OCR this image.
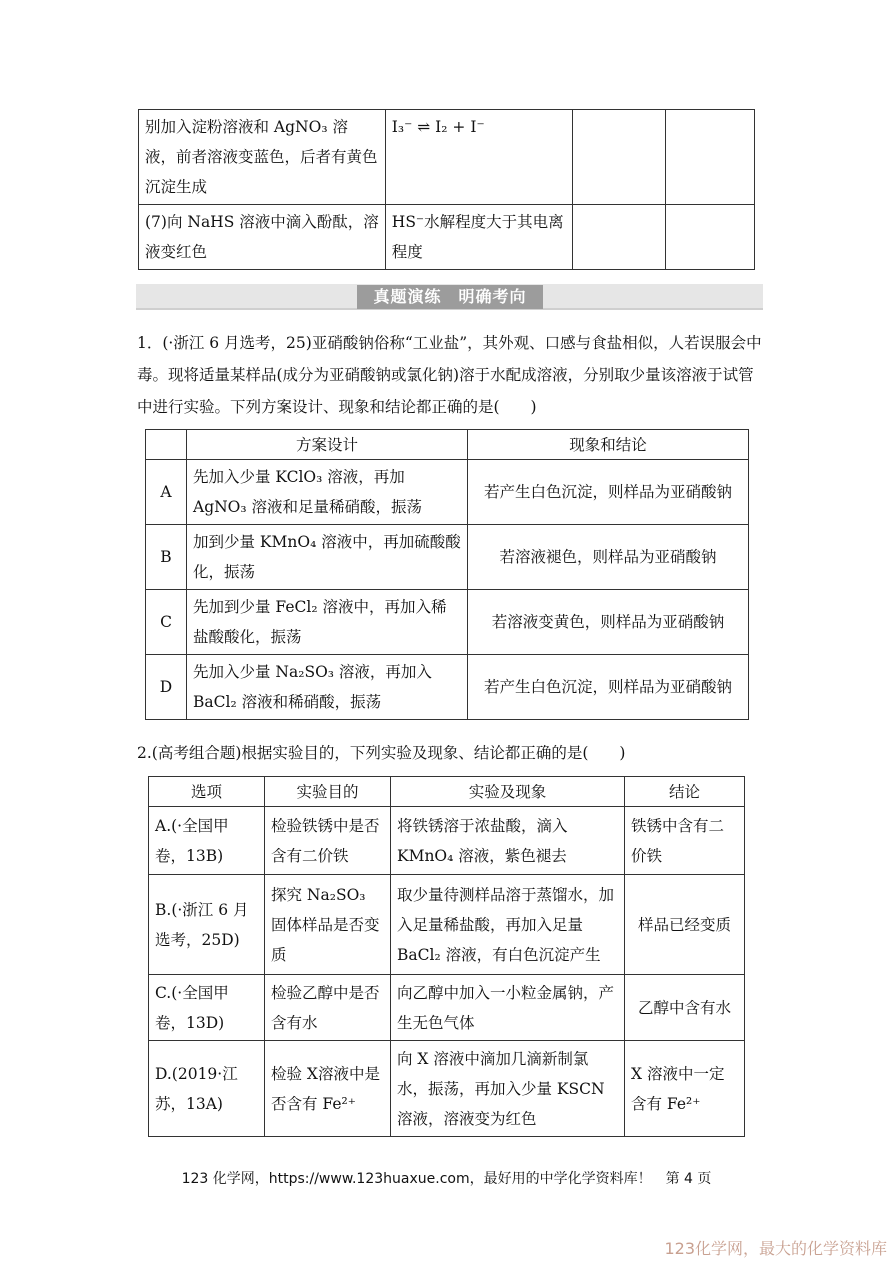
别加入淀粉溶液和 AgNO₃ 溶液，前者溶液变蓝色，后者有黄色沉淀生成	I₃⁻ ⇌ I₂ + I⁻		
(7)向 NaHS 溶液中滴入酚酞，溶液变红色	HS⁻水解程度大于其电离程度		
真题演练　明确考向
1．(·浙江 6 月选考，25)亚硝酸钠俗称“工业盐”，其外观、口感与食盐相似，人若误服会中毒。现将适量某样品(成分为亚硝酸钠或氯化钠)溶于水配成溶液，分别取少量该溶液于试管中进行实验。下列方案设计、现象和结论都正确的是(　　)
	方案设计	现象和结论
A	先加入少量 KClO₃ 溶液，再加 AgNO₃ 溶液和足量稀硝酸，振荡	若产生白色沉淀，则样品为亚硝酸钠
B	加到少量 KMnO₄ 溶液中，再加硫酸酸化，振荡	若溶液褪色，则样品为亚硝酸钠
C	先加到少量 FeCl₂ 溶液中，再加入稀盐酸酸化，振荡	若溶液变黄色，则样品为亚硝酸钠
D	先加入少量 Na₂SO₃ 溶液，再加入 BaCl₂ 溶液和稀硝酸，振荡	若产生白色沉淀，则样品为亚硝酸钠
2.(高考组合题)根据实验目的，下列实验及现象、结论都正确的是(　　)
选项	实验目的	实验及现象	结论
A.(·全国甲卷，13B)	检验铁锈中是否含有二价铁	将铁锈溶于浓盐酸，滴入 KMnO₄ 溶液，紫色褪去	铁锈中含有二价铁
B.(·浙江 6 月选考，25D)	探究 Na₂SO₃ 固体样品是否变质	取少量待测样品溶于蒸馏水，加入足量稀盐酸，再加入足量 BaCl₂ 溶液，有白色沉淀产生	样品已经变质
C.(·全国甲卷，13D)	检验乙醇中是否含有水	向乙醇中加入一小粒金属钠，产生无色气体	乙醇中含有水
D.(2019·江苏，13A)	检验 X溶液中是否含有 Fe²⁺	向 X 溶液中滴加几滴新制氯水，振荡，再加入少量 KSCN 溶液，溶液变为红色	X 溶液中一定含有 Fe²⁺
123 化学网，https://www.123huaxue.com，最好用的中学化学资料库！　第 4 页
123化学网，最大的化学资料库
